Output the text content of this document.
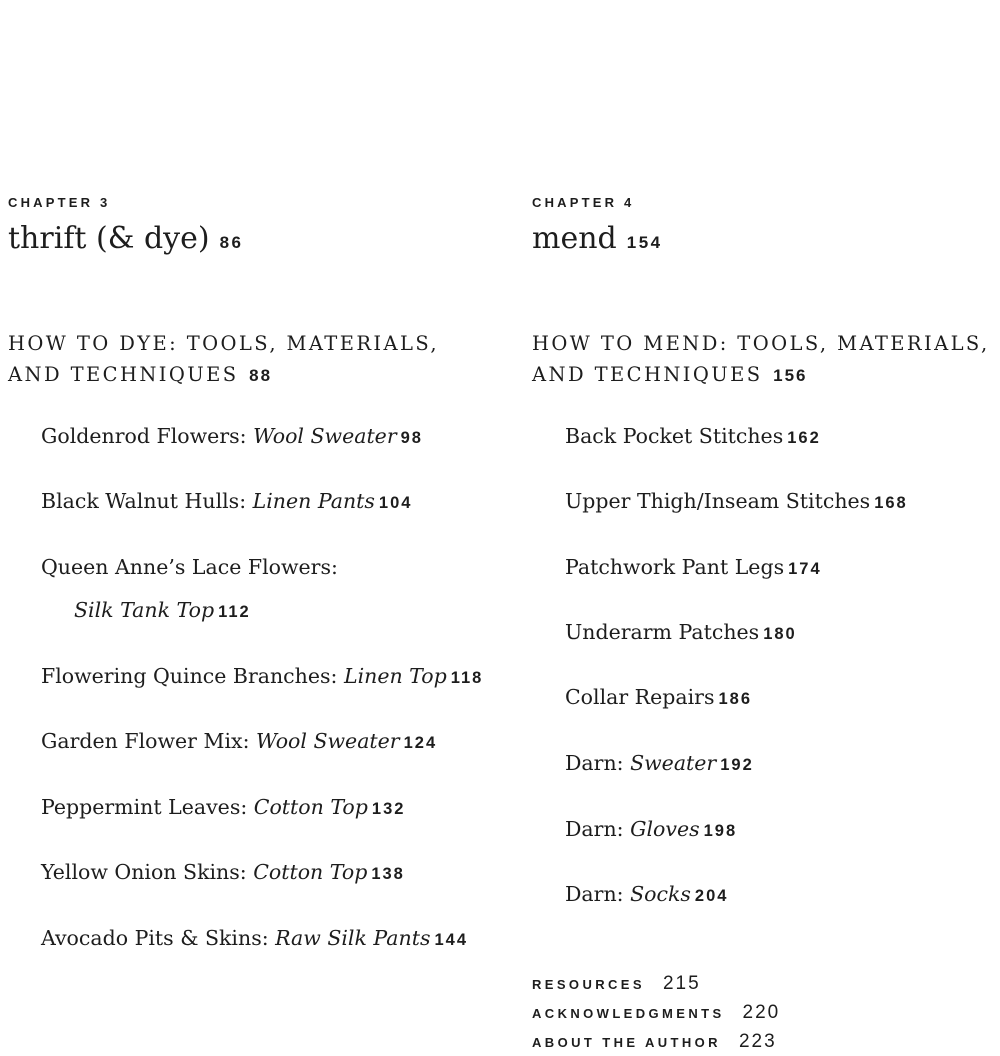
CHAPTER 3
thrift (& dye) 86
HOW TO DYE: TOOLS, MATERIALS,
AND TECHNIQUES 88
Goldenrod Flowers: Wool Sweater 98
Black Walnut Hulls: Linen Pants 104
Queen Anne’s Lace Flowers:
Silk Tank Top 112
Flowering Quince Branches: Linen Top 118
Garden Flower Mix: Wool Sweater 124
Peppermint Leaves: Cotton Top 132
Yellow Onion Skins: Cotton Top 138
Avocado Pits & Skins: Raw Silk Pants 144
CHAPTER 4
mend 154
HOW TO MEND: TOOLS, MATERIALS,
AND TECHNIQUES 156
Back Pocket Stitches 162
Upper Thigh/Inseam Stitches 168
Patchwork Pant Legs 174
Underarm Patches 180
Collar Repairs 186
Darn: Sweater 192
Darn: Gloves 198
Darn: Socks 204
RESOURCES 215
ACKNOWLEDGMENTS 220
ABOUT THE AUTHOR 223
